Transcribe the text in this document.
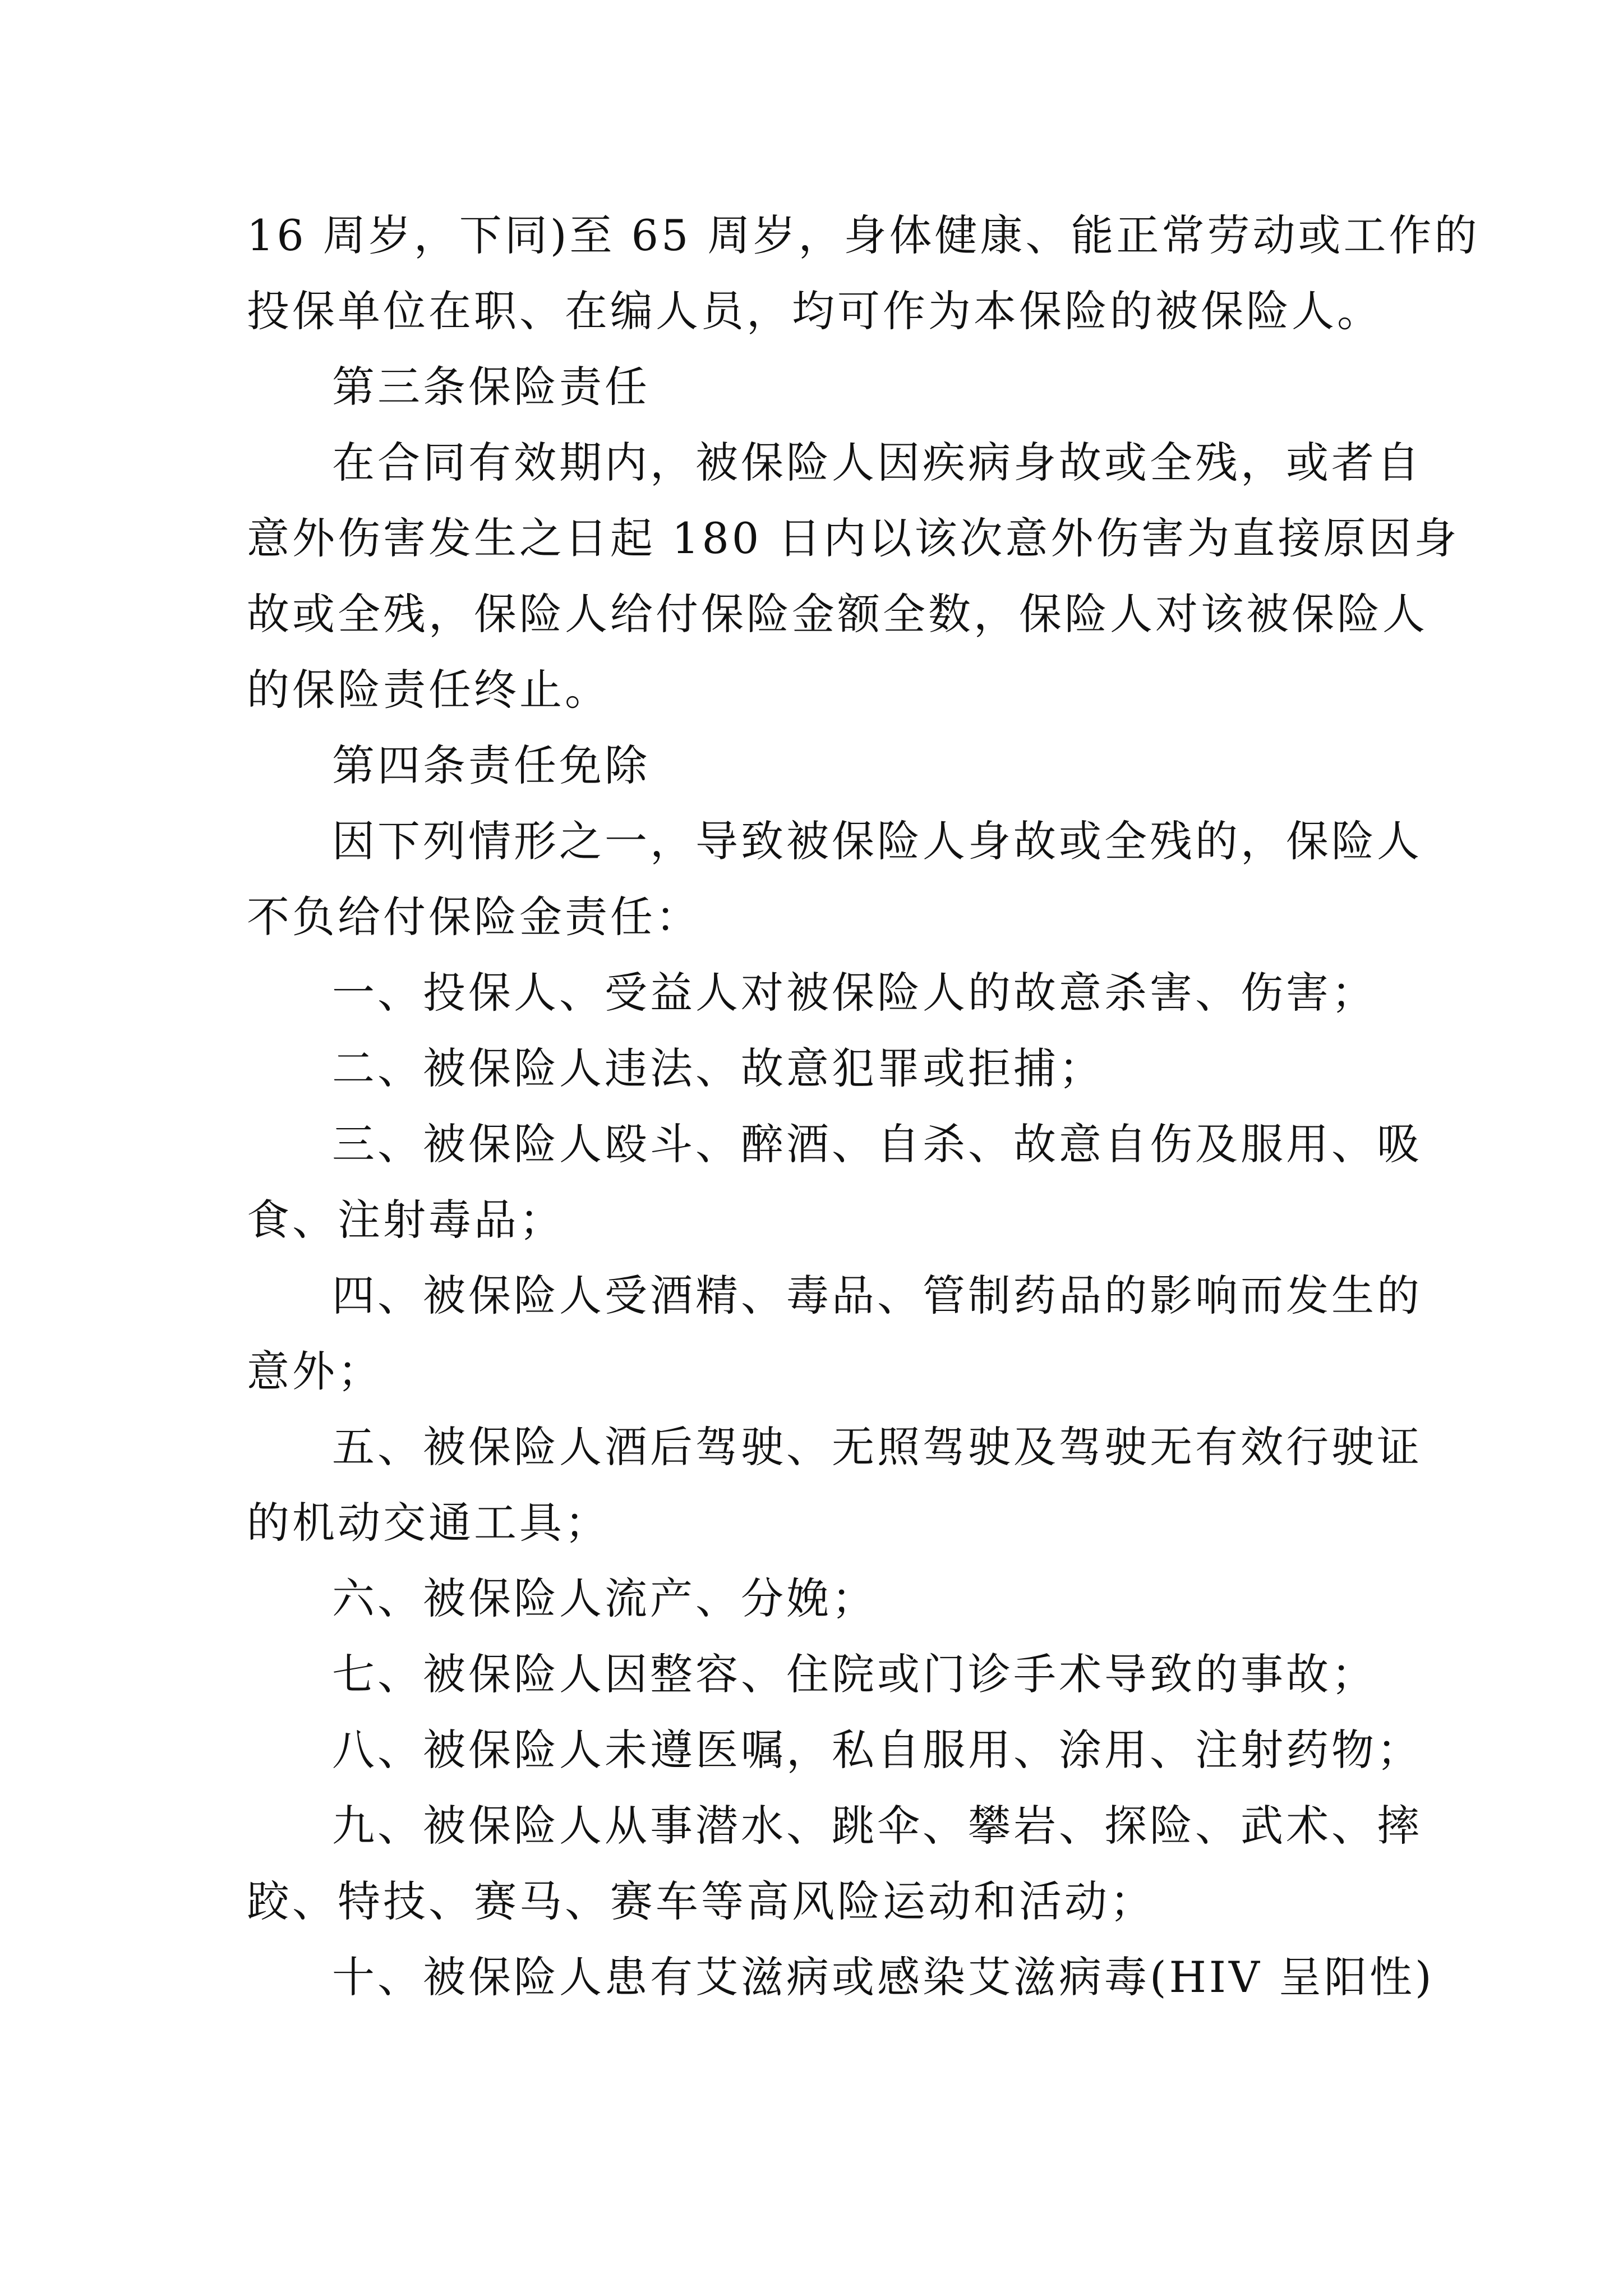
16 周岁，下同)至 65 周岁，身体健康、能正常劳动或工作的
投保单位在职、在编人员，均可作为本保险的被保险人。
第三条保险责任
在合同有效期内，被保险人因疾病身故或全残，或者自
意外伤害发生之日起 180 日内以该次意外伤害为直接原因身
故或全残，保险人给付保险金额全数，保险人对该被保险人
的保险责任终止。
第四条责任免除
因下列情形之一，导致被保险人身故或全残的，保险人
不负给付保险金责任：
一、投保人、受益人对被保险人的故意杀害、伤害；
二、被保险人违法、故意犯罪或拒捕；
三、被保险人殴斗、醉酒、自杀、故意自伤及服用、吸
食、注射毒品；
四、被保险人受酒精、毒品、管制药品的影响而发生的
意外；
五、被保险人酒后驾驶、无照驾驶及驾驶无有效行驶证
的机动交通工具；
六、被保险人流产、分娩；
七、被保险人因整容、住院或门诊手术导致的事故；
八、被保险人未遵医嘱，私自服用、涂用、注射药物；
九、被保险人从事潜水、跳伞、攀岩、探险、武术、摔
跤、特技、赛马、赛车等高风险运动和活动；
十、被保险人患有艾滋病或感染艾滋病毒(HIV 呈阳性)
